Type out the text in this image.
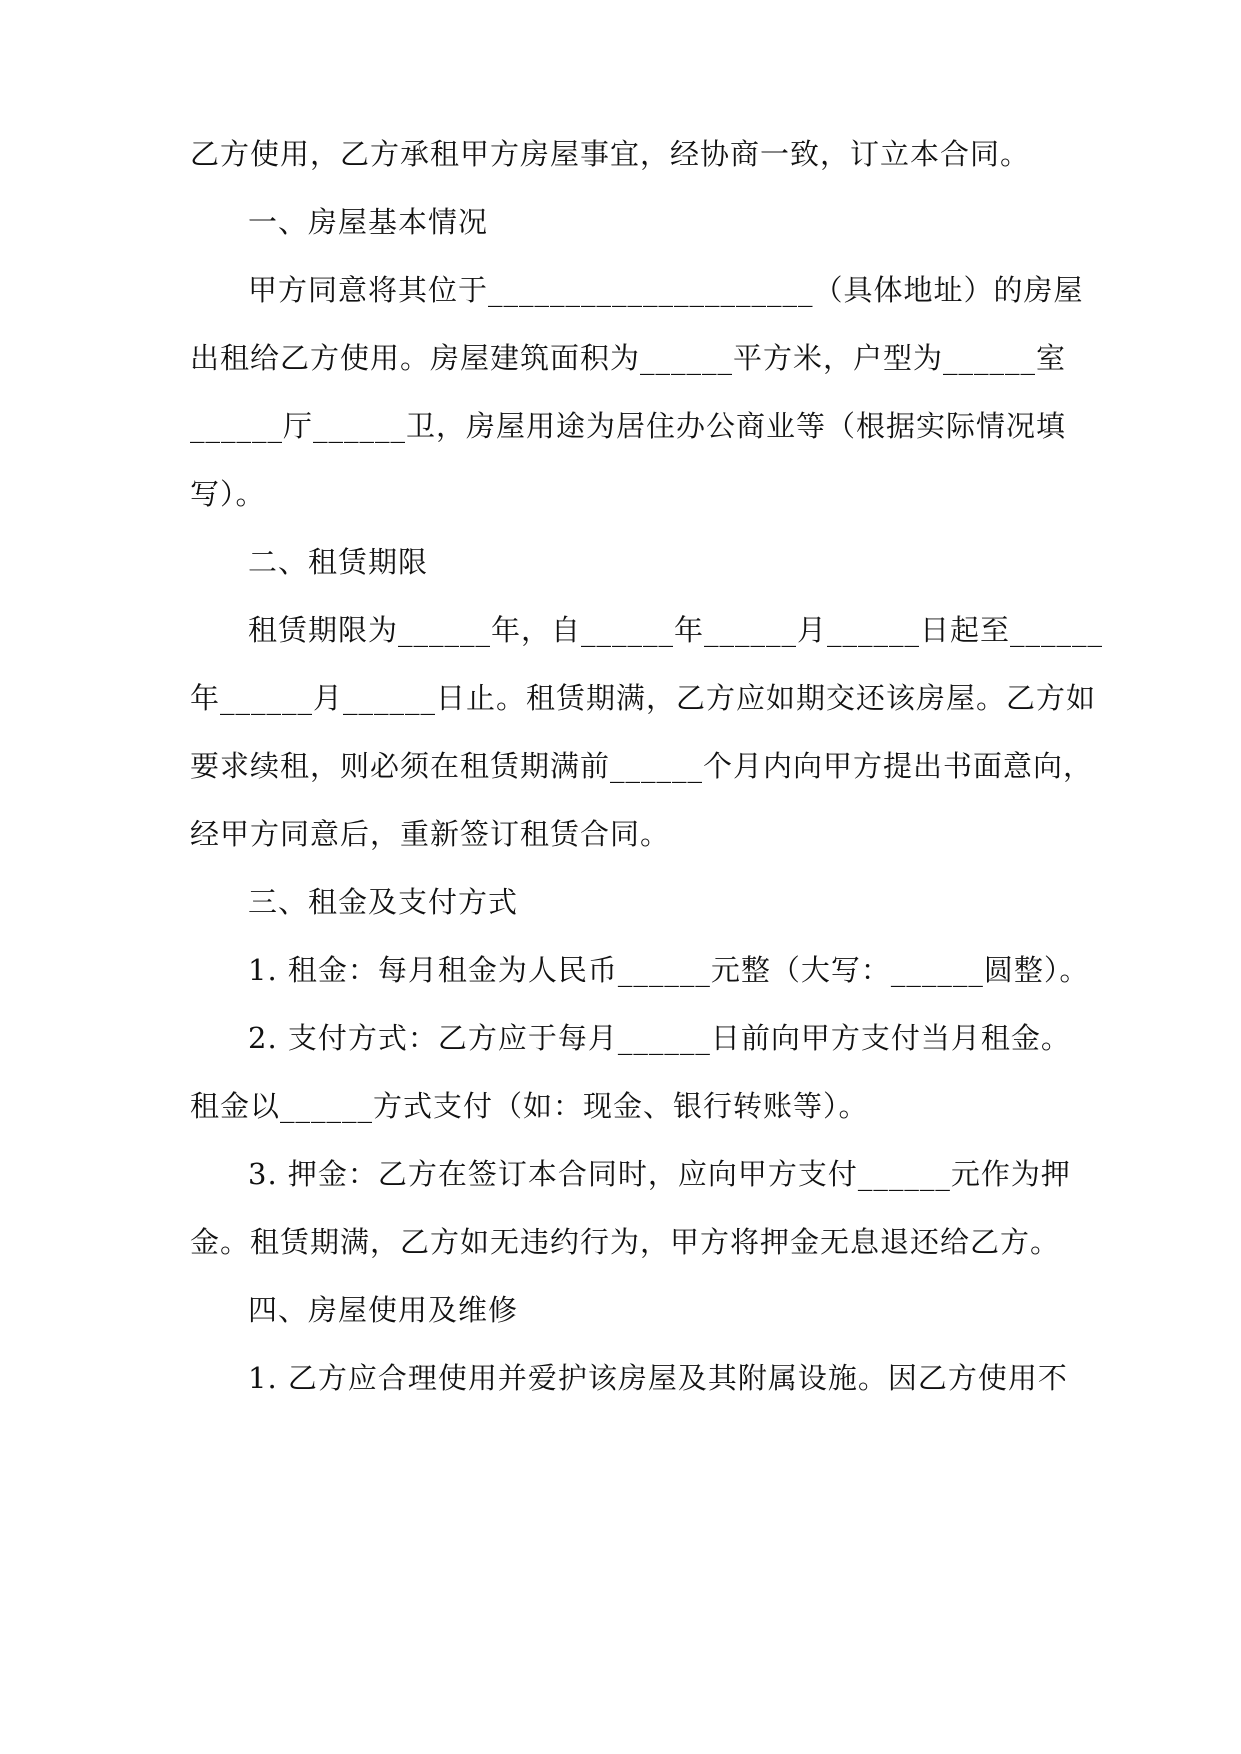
乙方使用，乙方承租甲方房屋事宜，经协商一致，订立本合同。
一、房屋基本情况
甲方同意将其位于_____________________（具体地址）的房屋
出租给乙方使用。房屋建筑面积为______平方米，户型为______室
______厅______卫，房屋用途为居住办公商业等（根据实际情况填
写）。
二、租赁期限
租赁期限为______年，自______年______月______日起至______
年______月______日止。租赁期满，乙方应如期交还该房屋。乙方如
要求续租，则必须在租赁期满前______个月内向甲方提出书面意向，
经甲方同意后，重新签订租赁合同。
三、租金及支付方式
1. 租金：每月租金为人民币______元整（大写：______圆整）。
2. 支付方式：乙方应于每月______日前向甲方支付当月租金。
租金以______方式支付（如：现金、银行转账等）。
3. 押金：乙方在签订本合同时，应向甲方支付______元作为押
金。租赁期满，乙方如无违约行为，甲方将押金无息退还给乙方。
四、房屋使用及维修
1. 乙方应合理使用并爱护该房屋及其附属设施。因乙方使用不
